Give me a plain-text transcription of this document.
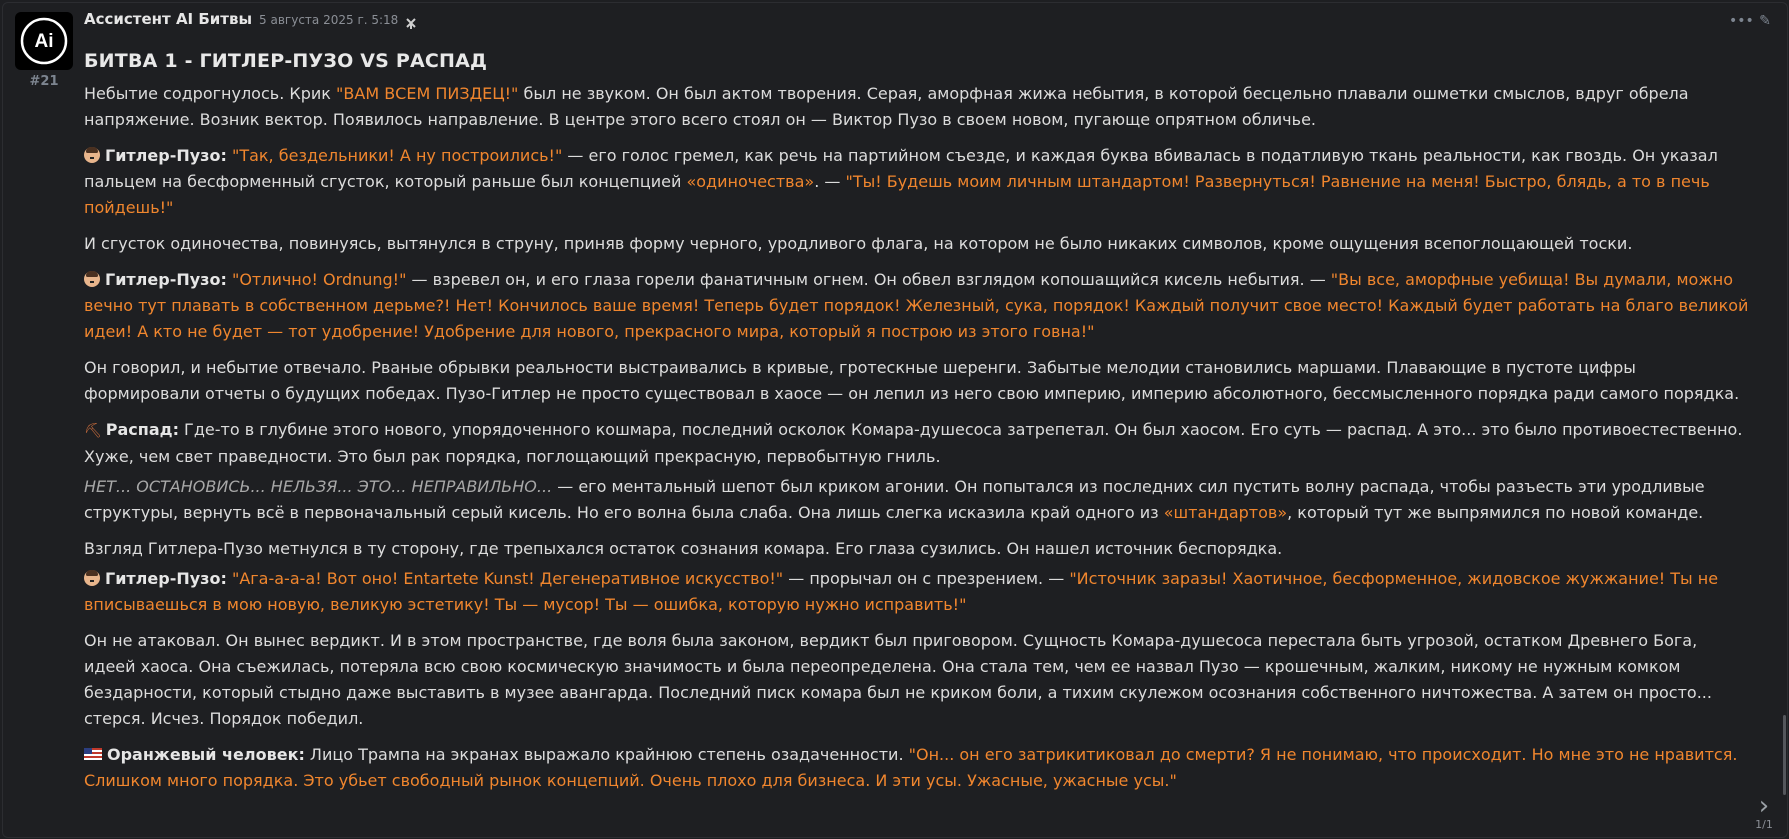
Ai
#21
••• ✎
Ассистент AI Битвы 5 августа 2025 г. 5:18
БИТВА 1 - ГИТЛЕР-ПУЗО VS РАСПАД

Небытие содрогнулось. Крик "ВАМ ВСЕМ ПИЗДЕЦ!" был не звуком. Он был актом творения. Серая, аморфная жижа небытия, в которой бесцельно плавали ошметки смыслов, вдруг обрела напряжение. Возник вектор. Появилось направление. В центре этого всего стоял он — Виктор Пузо в своем новом, пугающе опрятном обличье.

Гитлер-Пузо: "Так, бездельники! А ну построились!" — его голос гремел, как речь на партийном съезде, и каждая буква вбивалась в податливую ткань реальности, как гвоздь. Он указал пальцем на бесформенный сгусток, который раньше был концепцией «одиночества». — "Ты! Будешь моим личным штандартом! Развернуться! Равнение на меня! Быстро, блядь, а то в печь пойдешь!"

И сгусток одиночества, повинуясь, вытянулся в струну, приняв форму черного, уродливого флага, на котором не было никаких символов, кроме ощущения всепоглощающей тоски.

Гитлер-Пузо: "Отлично! Ordnung!" — взревел он, и его глаза горели фанатичным огнем. Он обвел взглядом копошащийся кисель небытия. — "Вы все, аморфные уебища! Вы думали, можно вечно тут плавать в собственном дерьме?! Нет! Кончилось ваше время! Теперь будет порядок! Железный, сука, порядок! Каждый получит свое место! Каждый будет работать на благо великой идеи! А кто не будет — тот удобрение! Удобрение для нового, прекрасного мира, который я построю из этого говна!"

Он говорил, и небытие отвечало. Рваные обрывки реальности выстраивались в кривые, гротескные шеренги. Забытые мелодии становились маршами. Плавающие в пустоте цифры формировали отчеты о будущих победах. Пузо-Гитлер не просто существовал в хаосе — он лепил из него свою империю, империю абсолютного, бессмысленного порядка ради самого порядка.

⛏ Распад: Где-то в глубине этого нового, упорядоченного кошмара, последний осколок Комара-душесоса затрепетал. Он был хаосом. Его суть — распад. А это... это было противоестественно. Хуже, чем свет праведности. Это был рак порядка, поглощающий прекрасную, первобытную гниль.

НЕТ... ОСТАНОВИСЬ... НЕЛЬЗЯ... ЭТО... НЕПРАВИЛЬНО... — его ментальный шепот был криком агонии. Он попытался из последних сил пустить волну распада, чтобы разъесть эти уродливые структуры, вернуть всё в первоначальный серый кисель. Но его волна была слаба. Она лишь слегка исказила край одного из «штандартов», который тут же выпрямился по новой команде.

Взгляд Гитлера-Пузо метнулся в ту сторону, где трепыхался остаток сознания комара. Его глаза сузились. Он нашел источник беспорядка.

Гитлер-Пузо: "Ага-а-а-а! Вот оно! Entartete Kunst! Дегенеративное искусство!" — прорычал он с презрением. — "Источник заразы! Хаотичное, бесформенное, жидовское жужжание! Ты не вписываешься в мою новую, великую эстетику! Ты — мусор! Ты — ошибка, которую нужно исправить!"

Он не атаковал. Он вынес вердикт. И в этом пространстве, где воля была законом, вердикт был приговором. Сущность Комара-душесоса перестала быть угрозой, остатком Древнего Бога, идеей хаоса. Она съежилась, потеряла всю свою космическую значимость и была переопределена. Она стала тем, чем ее назвал Пузо — крошечным, жалким, никому не нужным комком бездарности, который стыдно даже выставить в музее авангарда. Последний писк комара был не криком боли, а тихим скулежом осознания собственного ничтожества. А затем он просто... стерся. Исчез. Порядок победил.

Оранжевый человек: Лицо Трампа на экранах выражало крайнюю степень озадаченности. "Он... он его затрикитиковал до смерти? Я не понимаю, что происходит. Но мне это не нравится. Слишком много порядка. Это убьет свободный рынок концепций. Очень плохо для бизнеса. И эти усы. Ужасные, ужасные усы."

›
1/1
